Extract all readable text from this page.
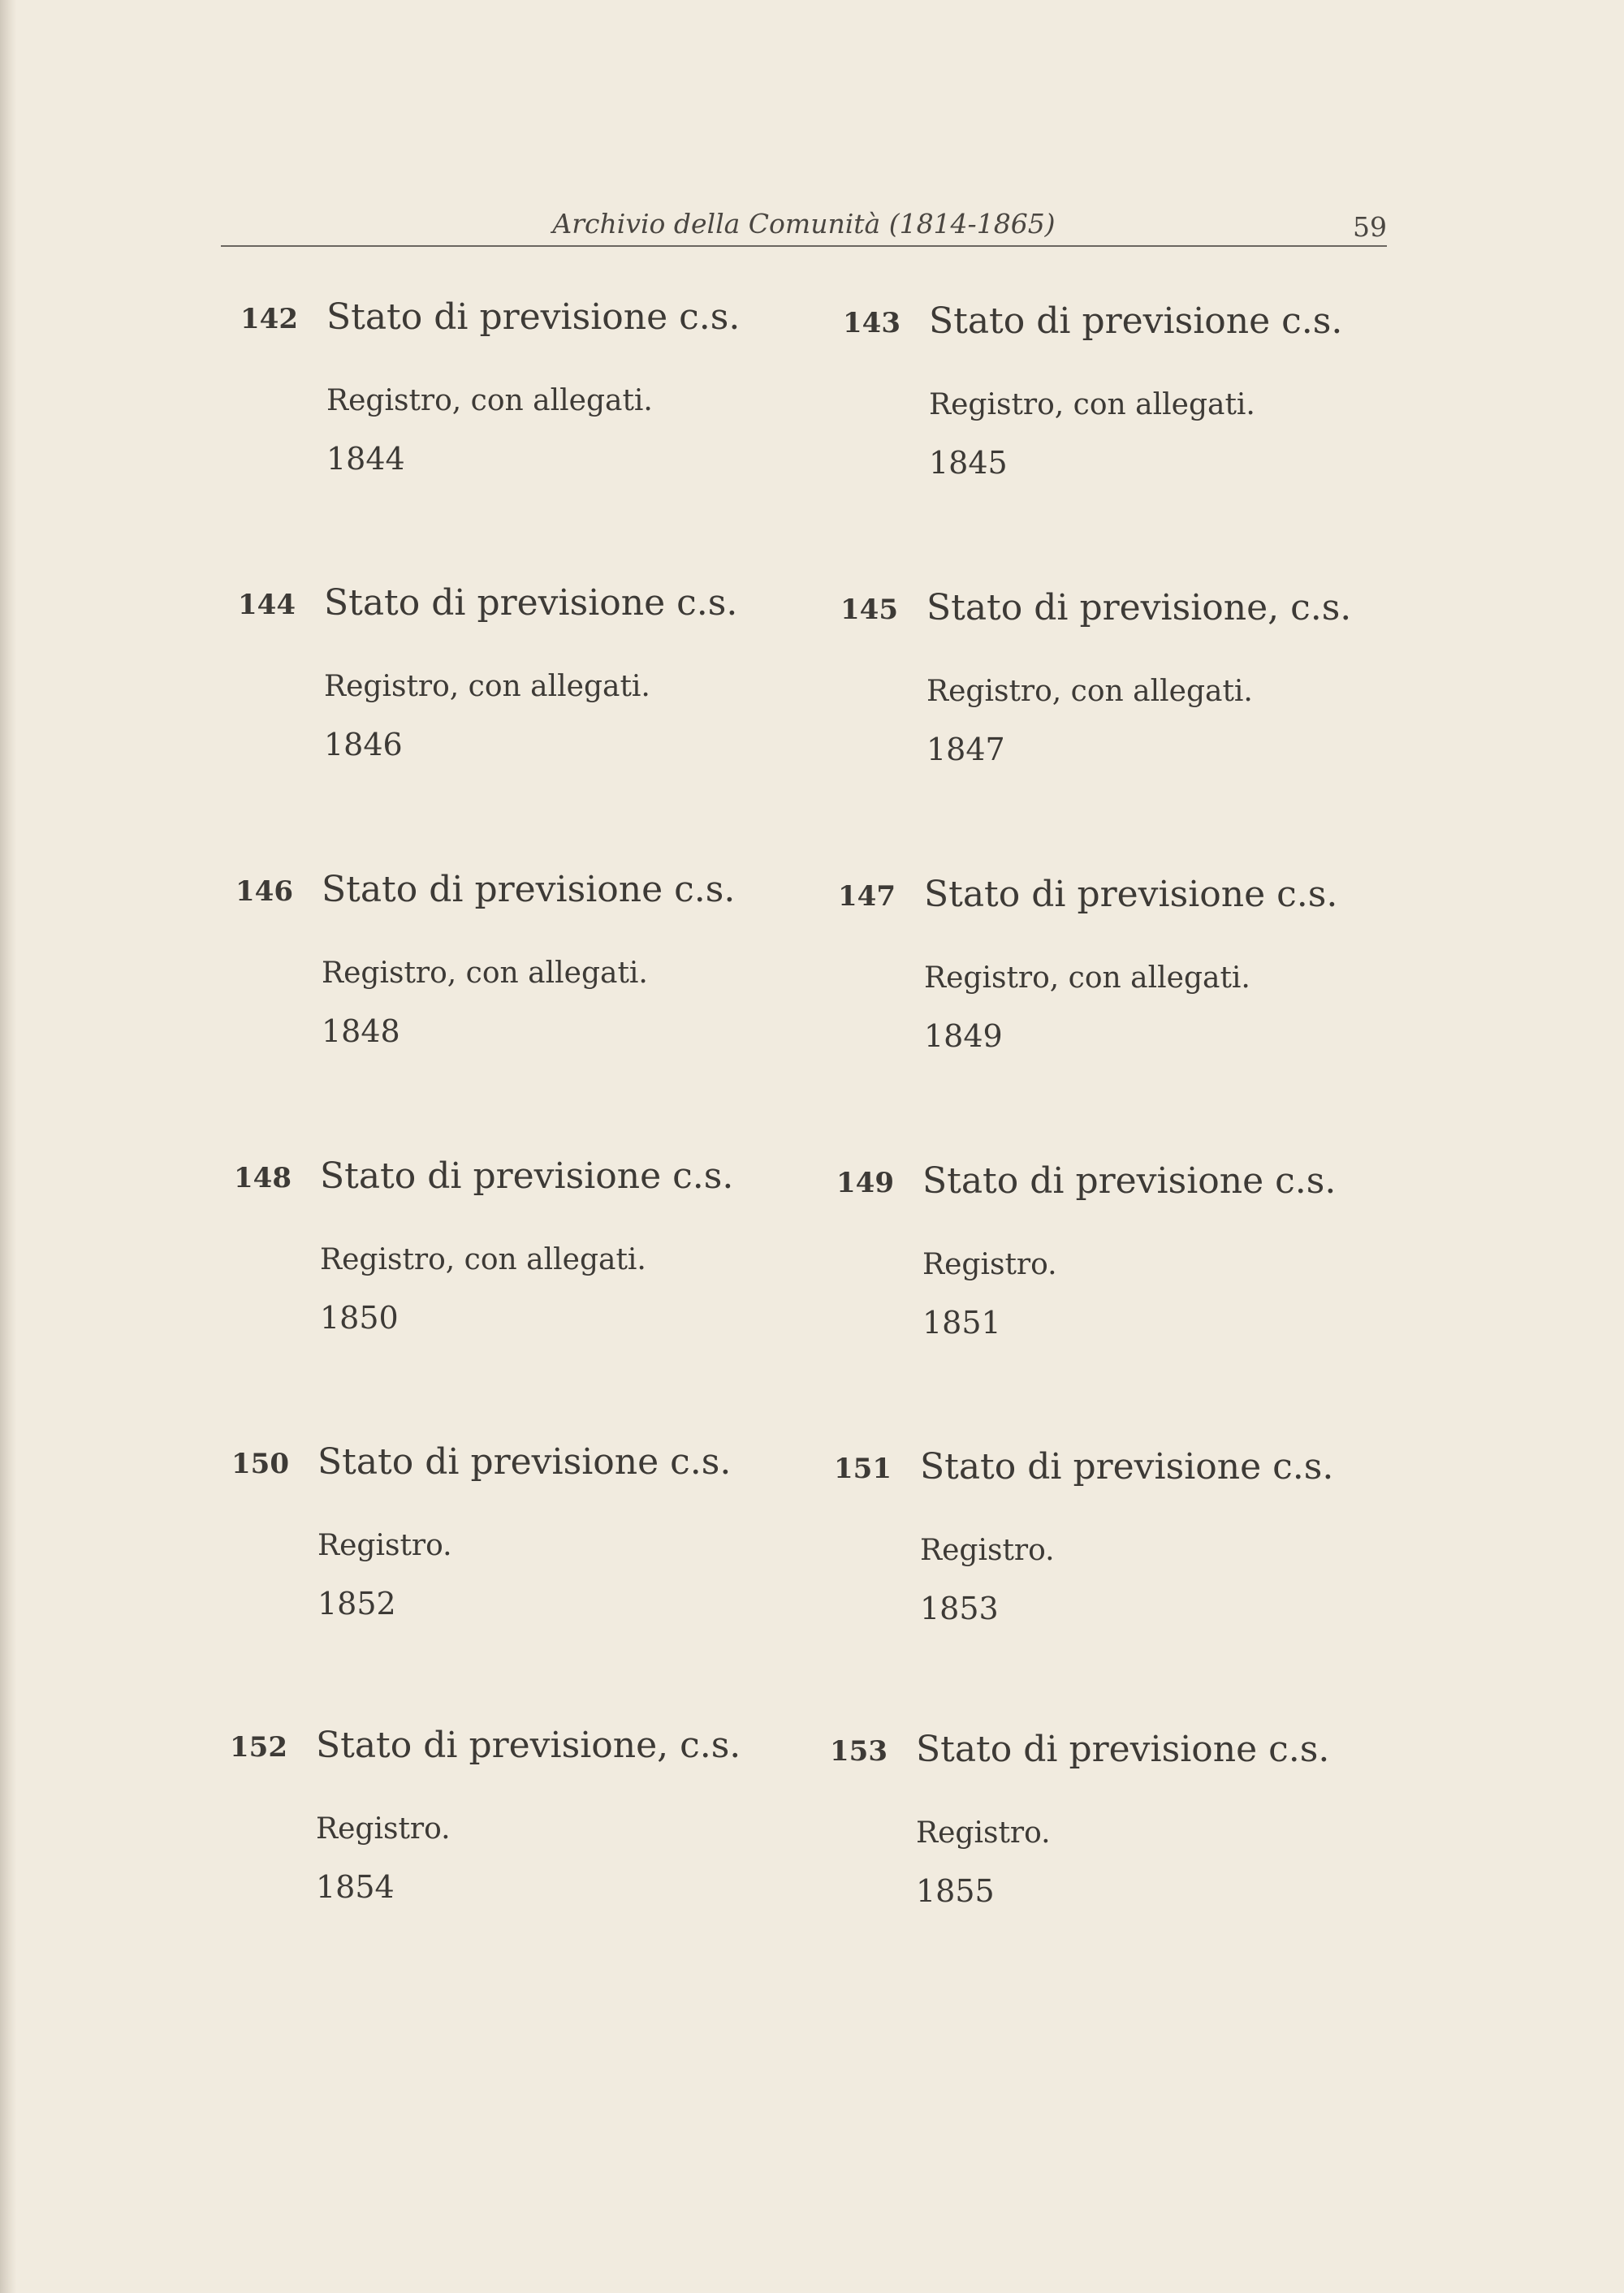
Archivio della Comunità (1814-1865)	59
142 Stato di previsione c.s.
Registro, con allegati.
1844
143 Stato di previsione c.s.
Registro, con allegati.
1845
144 Stato di previsione c.s.
Registro, con allegati.
1846
145 Stato di previsione, c.s.
Registro, con allegati.
1847
146 Stato di previsione c.s.
Registro, con allegati.
1848
147 Stato di previsione c.s.
Registro, con allegati.
1849
148 Stato di previsione c.s.
Registro, con allegati.
1850
149 Stato di previsione c.s.
Registro.
1851
150 Stato di previsione c.s.
Registro.
1852
151 Stato di previsione c.s.
Registro.
1853
152 Stato di previsione, c.s.
Registro.
1854
153 Stato di previsione c.s.
Registro.
1855
